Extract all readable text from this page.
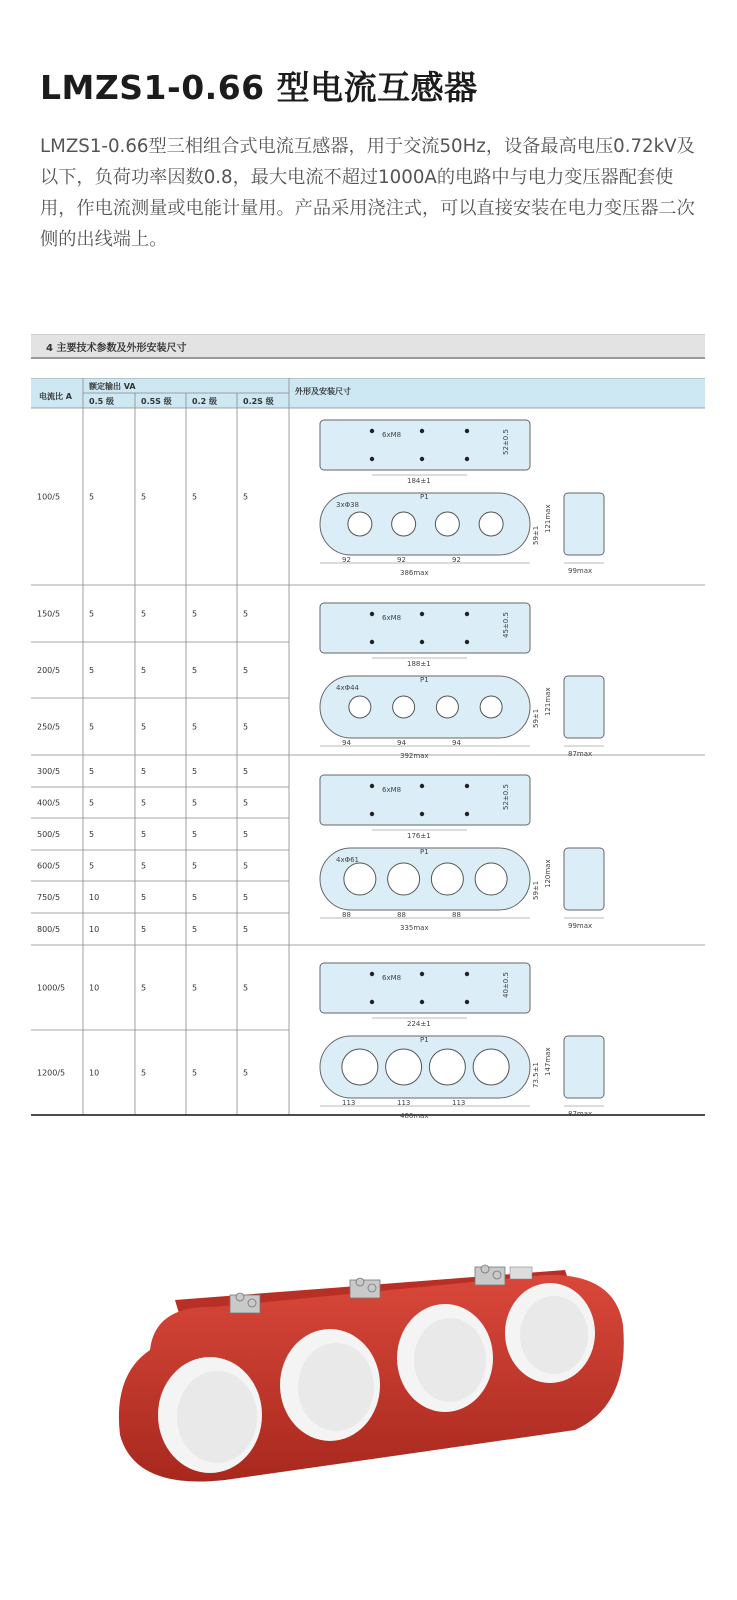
LMZS1-0.66 型电流互感器

LMZS1-0.66型三相组合式电流互感器，用于交流50Hz，设备最高电压0.72kV及以下，负荷功率因数0.8，最大电流不超过1000A的电路中与电力变压器配套使用，作电流测量或电能计量用。产品采用浇注式，可以直接安装在电力变压器二次侧的出线端上。

4 主要技术参数及外形安装尺寸
电流比 A
额定输出 VA
0.5 级	0.5S 级	0.2 级	0.2S 级
外形及安装尺寸
100/5	5	5	5	5
150/5	5	5	5	5
200/5	5	5	5	5
250/5	5	5	5	5
300/5	5	5	5	5
400/5	5	5	5	5
500/5	5	5	5	5
600/5	5	5	5	5
750/5	10	5	5	5
800/5	10	5	5	5
1000/5	10	5	5	5
1200/5	10	5	5	5
6xM8
184±1
52±0.5
3xΦ38
P1
92	92	92
386max
59±1
121max
99max
6xM8
188±1
45±0.5
4xΦ44
P1
94	94	94
392max
59±1
121max
87max
6xM8
176±1
52±0.5
4xΦ61
P1
88	88	88
335max
59±1
120max
99max
6xM8
224±1
40±0.5
P1
113	113	113
480max
73.5±1 147max
87max
